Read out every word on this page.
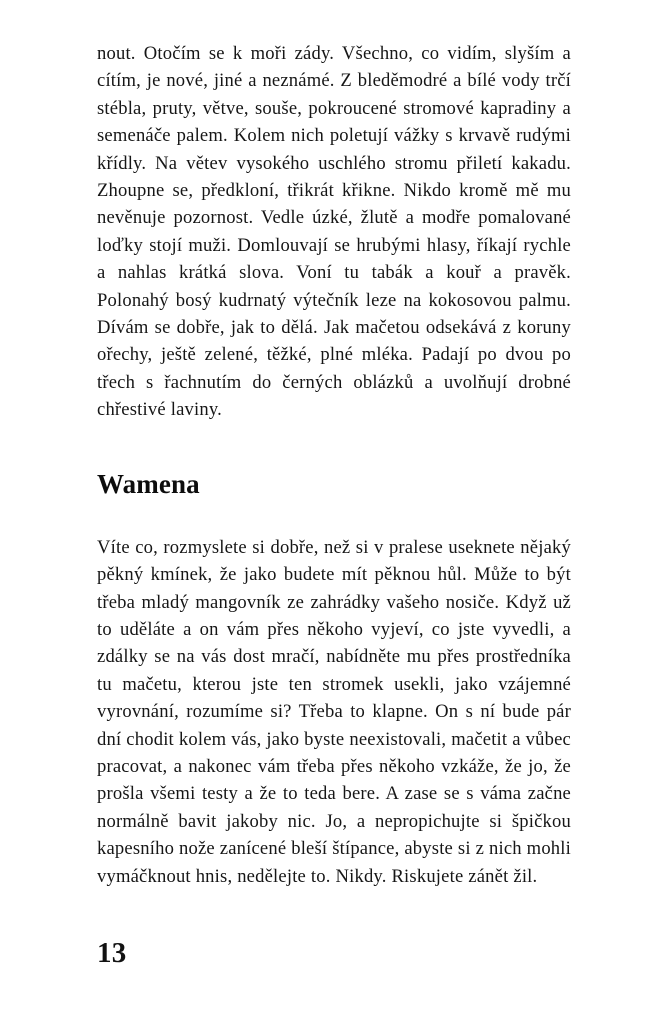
nout. Otočím se k moři zády. Všechno, co vidím, slyším a cítím, je nové, jiné a neznámé. Z bleděmodré a bílé vody trčí stébla, pruty, větve, souše, pokroucené stromové kapradiny a semenáče palem. Kolem nich poletují vážky s krvavě rudými křídly. Na větev vysokého uschlého stromu přiletí kakadu. Zhoupne se, předkloní, třikrát křikne. Nikdo kromě mě mu nevěnuje pozornost. Vedle úzké, žlutě a modře pomalované loďky stojí muži. Domlouvají se hrubými hlasy, říkají rychle a nahlas krátká slova. Voní tu tabák a kouř a pravěk. Polonahý bosý kudrnatý výtečník leze na kokosovou palmu. Dívám se dobře, jak to dělá. Jak mačetou odsekává z koruny ořechy, ještě zelené, těžké, plné mléka. Padají po dvou po třech s řachnutím do černých oblázků a uvolňují drobné chřestivé laviny.

Wamena

Víte co, rozmyslete si dobře, než si v pralese useknete nějaký pěkný kmínek, že jako budete mít pěknou hůl. Může to být třeba mladý mangovník ze zahrádky vašeho nosiče. Když už to uděláte a on vám přes někoho vyjeví, co jste vyvedli, a zdálky se na vás dost mračí, nabídněte mu přes prostředníka tu mačetu, kterou jste ten stromek usekli, jako vzájemné vyrovnání, rozumíme si? Třeba to klapne. On s ní bude pár dní chodit kolem vás, jako byste neexistovali, mačetit a vůbec pracovat, a nakonec vám třeba přes někoho vzkáže, že jo, že prošla všemi testy a že to teda bere. A zase se s váma začne normálně bavit jakoby nic. Jo, a nepropichujte si špičkou kapesního nože zanícené bleší štípance, abyste si z nich mohli vymáčknout hnis, nedělejte to. Nikdy. Riskujete zánět žil.

13
